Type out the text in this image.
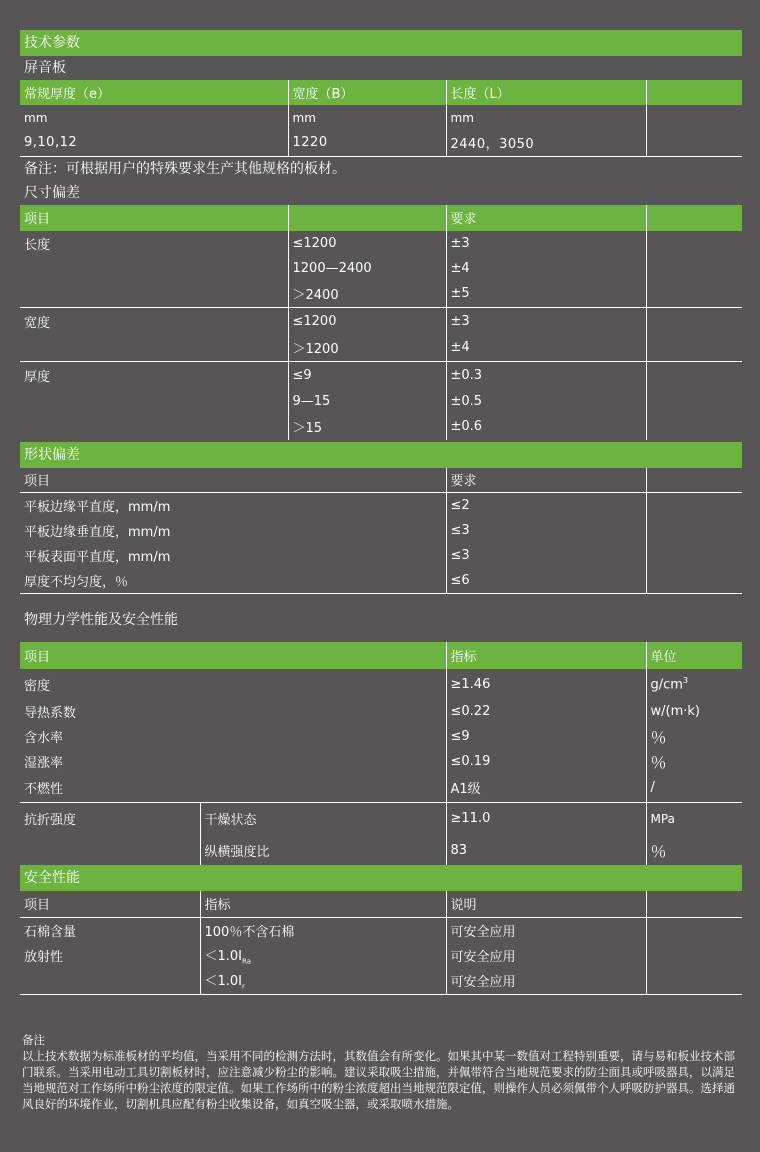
技术参数
屏音板
常规厚度（e）	宽度（B）	长度（L）	
mm	mm	mm	
9,10,12	1220	2440，3050	
备注：可根据用户的特殊要求生产其他规格的板材。
尺寸偏差
项目		要求	
长度	≤1200	±3	
	1200—2400	±4	
	＞2400	±5	
宽度	≤1200	±3	
	＞1200	±4	
厚度	≤9	±0.3	
	9—15	±0.5	
	＞15	±0.6	
形状偏差
项目	要求	
平板边缘平直度，mm/m	≤2	
平板边缘垂直度，mm/m	≤3	
平板表面平直度，mm/m	≤3	
厚度不均匀度，％	≤6	
物理力学性能及安全性能
项目		指标	单位
密度		≥1.46	$g/cm^3$
导热系数		≤0.22	w/(m·k)
含水率		≤9	％
湿涨率		≤0.19	％
不燃性		A1级	/
抗折强度	干燥状态	≥11.0	MPa
	纵横强度比	83	％
安全性能
项目	指标	说明	
石棉含量	100％不含石棉	可安全应用	
放射性	$<1.0I_{Ra}$	可安全应用	
	$<1.0I_r$	可安全应用	
备注
以上技术数据为标准板材的平均值，当采用不同的检测方法时，其数值会有所变化。如果其中某一数值对工程特别重要，请与易和板业技术部门联系。当采用电动工具切割板材时，应注意减少粉尘的影响。建议采取吸尘措施，并佩带符合当地规范要求的防尘面具或呼吸器具，以满足当地规范对工作场所中粉尘浓度的限定值。如果工作场所中的粉尘浓度超出当地规范限定值，则操作人员必须佩带个人呼吸防护器具。选择通风良好的环境作业，切割机具应配有粉尘收集设备，如真空吸尘器，或采取喷水措施。
